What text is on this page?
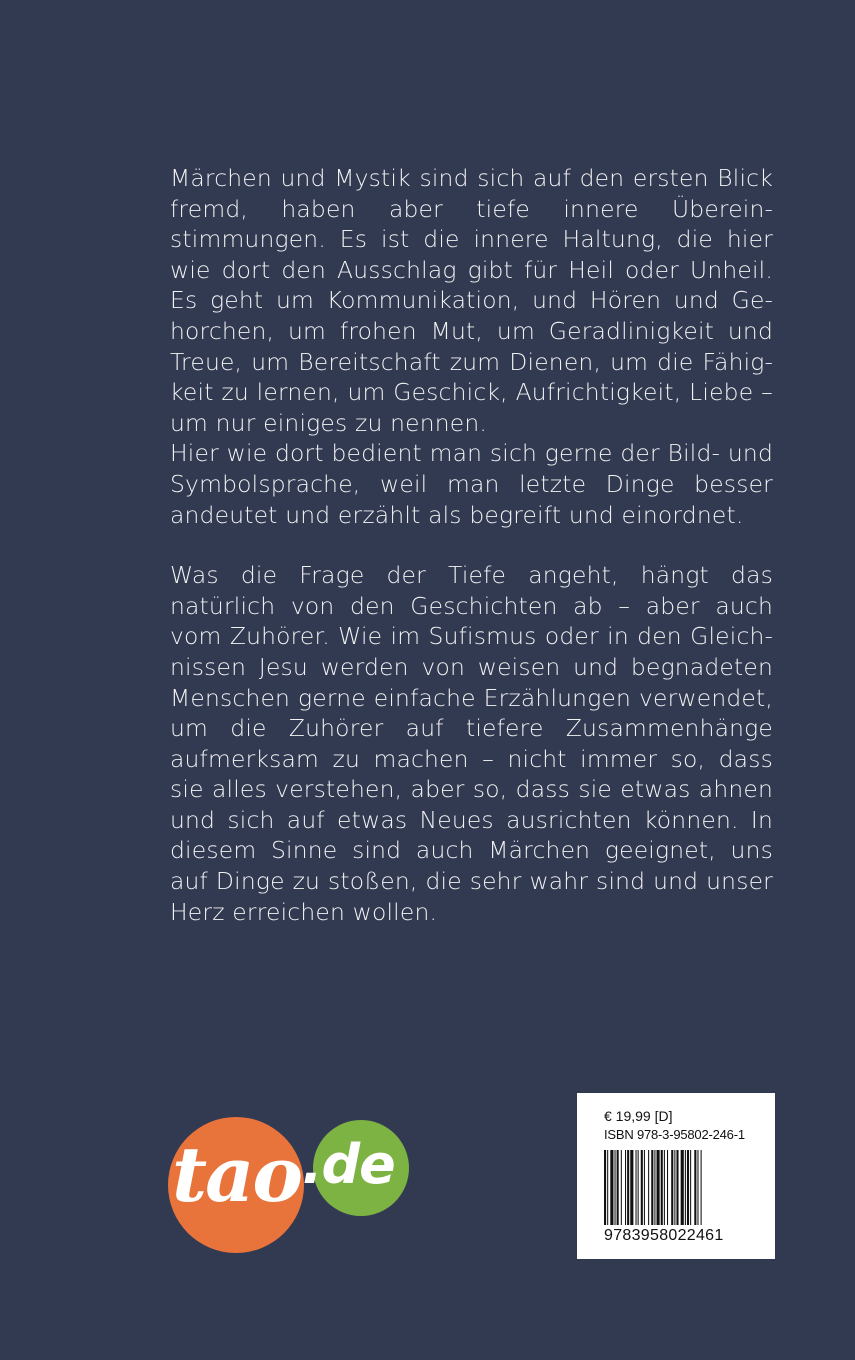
Märchen und Mystik sind sich auf den ersten Blick fremd, haben aber tiefe innere Übereinstimmungen. Es ist die innere Haltung, die hier wie dort den Ausschlag gibt für Heil oder Unheil. Es geht um Kommunikation, und Hören und Gehorchen, um frohen Mut, um Geradlinigkeit und Treue, um Bereitschaft zum Dienen, um die Fähigkeit zu lernen, um Geschick, Aufrichtigkeit, Liebe – um nur einiges zu nennen.

Hier wie dort bedient man sich gerne der Bild- und Symbolsprache, weil man letzte Dinge besser andeutet und erzählt als begreift und einordnet.

Was die Frage der Tiefe angeht, hängt das natürlich von den Geschichten ab – aber auch vom Zuhörer. Wie im Sufismus oder in den Gleichnissen Jesu werden von weisen und begnadeten Menschen gerne einfache Erzählungen verwendet, um die Zuhörer auf tiefere Zusammenhänge aufmerksam zu machen – nicht immer so, dass sie alles verstehen, aber so, dass sie etwas ahnen und sich auf etwas Neues ausrichten können. In diesem Sinne sind auch Märchen geeignet, uns auf Dinge zu stoßen, die sehr wahr sind und unser Herz erreichen wollen.

tao .de
€ 19,99 [D]
ISBN 978-3-95802-246-1
9783958022461
